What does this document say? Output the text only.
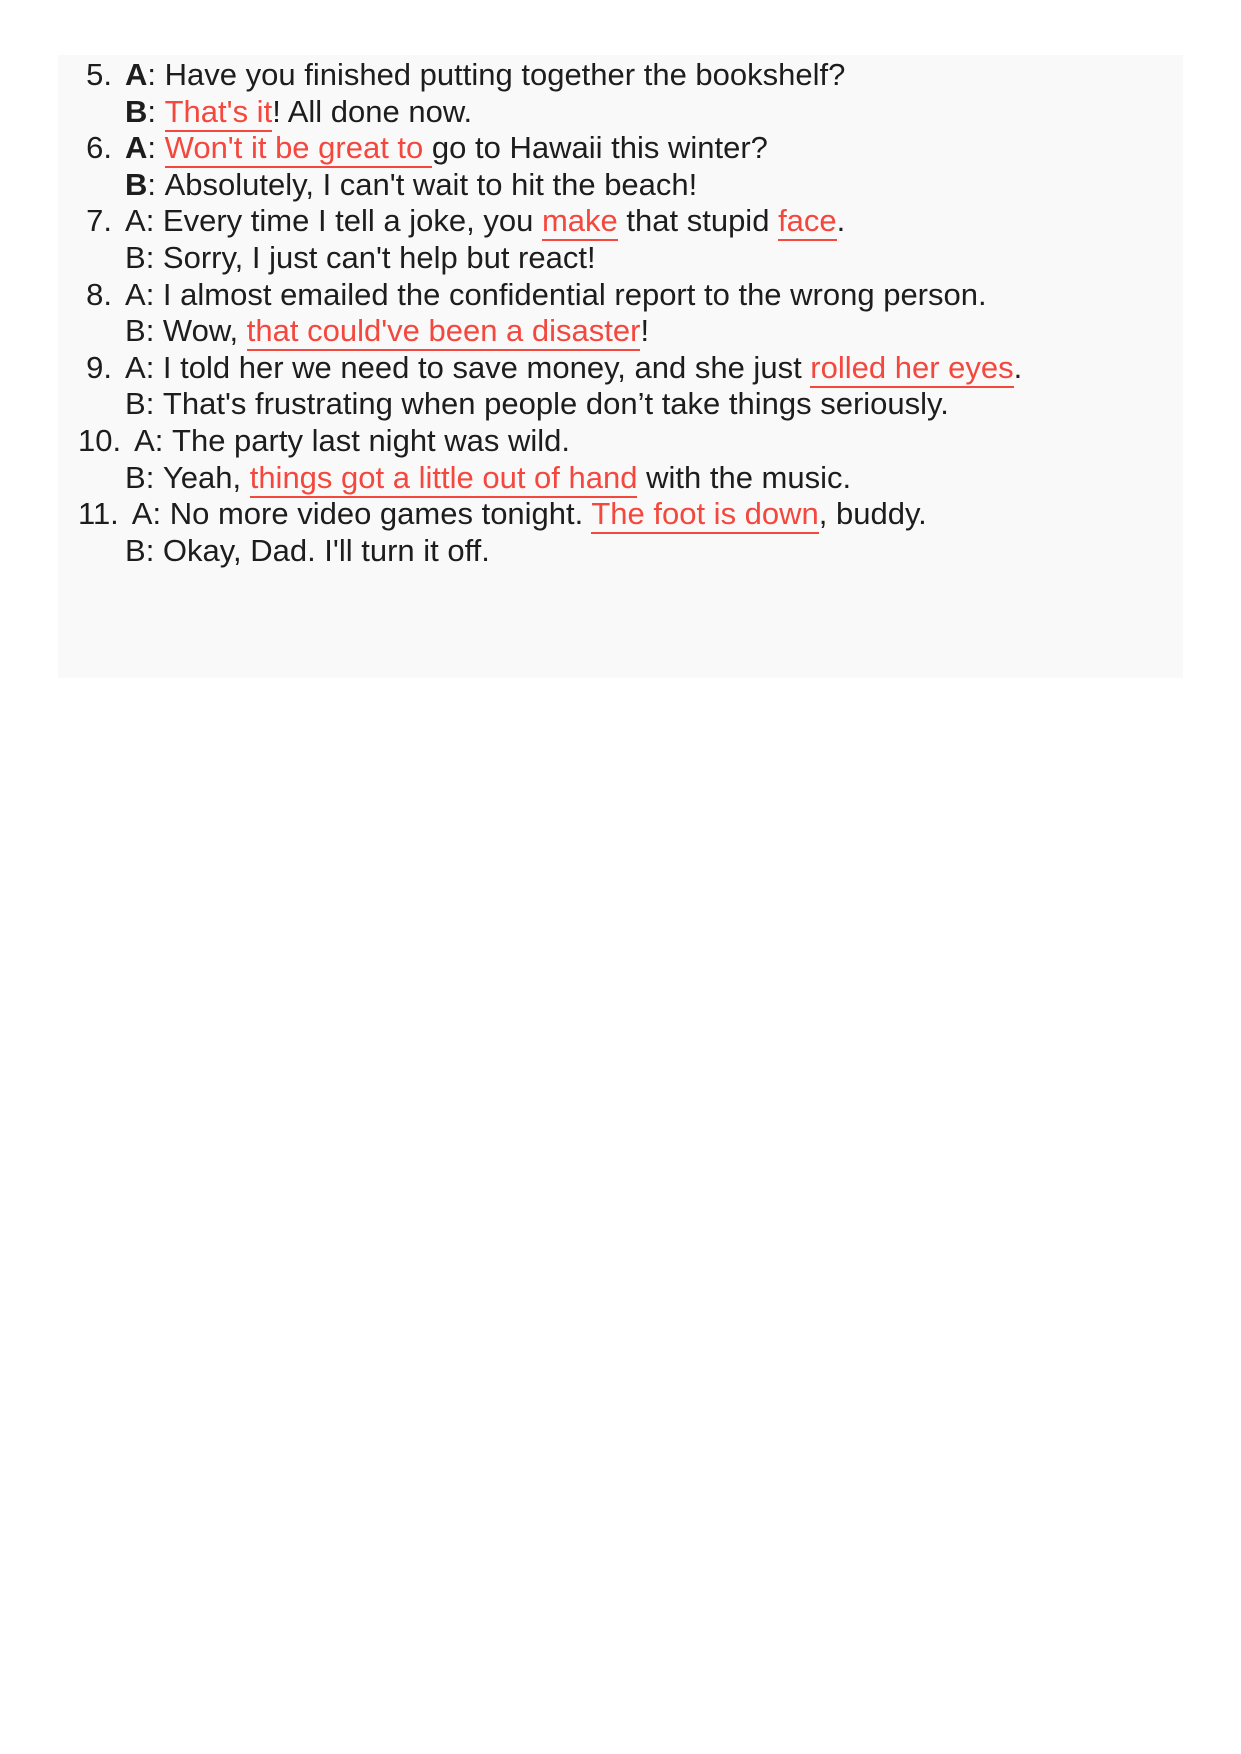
5. A : Have you finished putting together the bookshelf?
B : That's it! All done now.
6. A : Won't it be great to go to Hawaii this winter?
B : Absolutely, I can't wait to hit the beach!
7. A : Every time I tell a joke, you make that stupid face.
B : Sorry, I just can't help but react!
8. A : I almost emailed the confidential report to the wrong person.
B : Wow, that could've been a disaster!
9. A : I told her we need to save money, and she just rolled her eyes.
B : That's frustrating when people don’t take things seriously.
10. A : The party last night was wild.
B : Yeah, things got a little out of hand with the music.
11. A : No more video games tonight. The foot is down, buddy.
B : Okay, Dad. I'll turn it off.
